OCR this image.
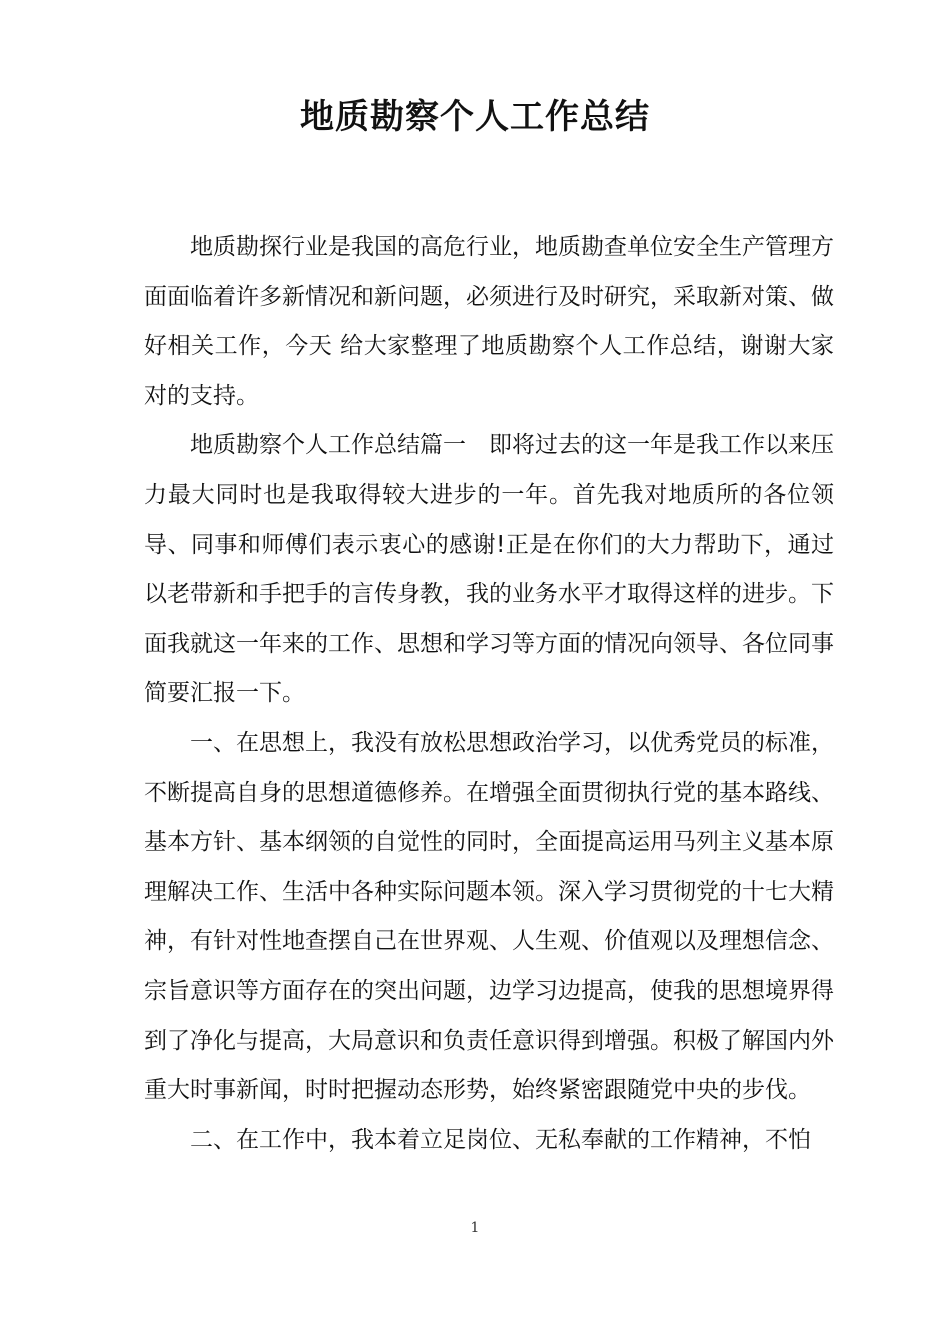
地质勘察个人工作总结

地质勘探行业是我国的高危行业，地质勘查单位安全生产管理方面面临着许多新情况和新问题，必须进行及时研究，采取新对策、做好相关工作，今天 给大家整理了地质勘察个人工作总结，谢谢大家对的支持。

地质勘察个人工作总结篇一　即将过去的这一年是我工作以来压力最大同时也是我取得较大进步的一年。首先我对地质所的各位领导、同事和师傅们表示衷心的感谢!正是在你们的大力帮助下，通过以老带新和手把手的言传身教，我的业务水平才取得这样的进步。下面我就这一年来的工作、思想和学习等方面的情况向领导、各位同事简要汇报一下。

一、在思想上，我没有放松思想政治学习，以优秀党员的标准，不断提高自身的思想道德修养。在增强全面贯彻执行党的基本路线、基本方针、基本纲领的自觉性的同时，全面提高运用马列主义基本原理解决工作、生活中各种实际问题本领。深入学习贯彻党的十七大精神，有针对性地查摆自己在世界观、人生观、价值观以及理想信念、宗旨意识等方面存在的突出问题，边学习边提高，使我的思想境界得到了净化与提高，大局意识和负责任意识得到增强。积极了解国内外重大时事新闻，时时把握动态形势，始终紧密跟随党中央的步伐。

二、在工作中，我本着立足岗位、无私奉献的工作精神，不怕

1
